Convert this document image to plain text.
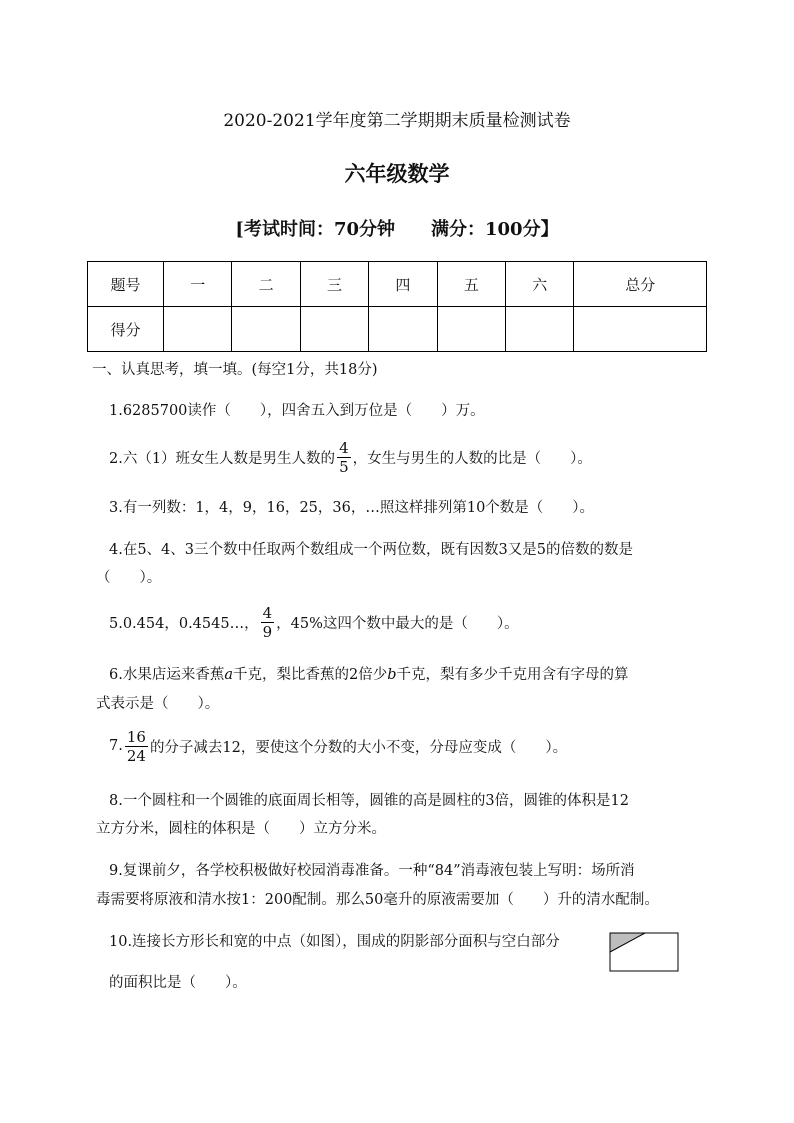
2020-2021学年度第二学期期末质量检测试卷
六年级数学
[考试时间：70分钟 满分：100分】
题号	一	二	三	四	五	六	总分
得分							
一、认真思考，填一填。(每空1分，共18分)
1.6285700读作（　　），四舍五入到万位是（　　）万。
2.六（1）班女生人数是男生人数的 $\frac{4}{5}$ ，女生与男生的人数的比是（　　）。
3.有一列数：1，4，9，16，25，36，…照这样排列第10个数是（　　）。
4.在5、4、3三个数中任取两个数组成一个两位数，既有因数3又是5的倍数的数是
（　　）。
5.0.454，0.4545…， $\frac{4}{9}$ ，45%这四个数中最大的是（　　）。
6.水果店运来香蕉a千克，梨比香蕉的2倍少b千克，梨有多少千克用含有字母的算
式表示是（　　）。
7. $\frac{16}{24}$ 的分子减去12，要使这个分数的大小不变，分母应变成（　　）。
8.一个圆柱和一个圆锥的底面周长相等，圆锥的高是圆柱的3倍，圆锥的体积是12
立方分米，圆柱的体积是（　　）立方分米。
9.复课前夕，各学校积极做好校园消毒准备。一种“84”消毒液包装上写明：场所消
毒需要将原液和清水按1：200配制。那么50毫升的原液需要加（　　）升的清水配制。
10.连接长方形长和宽的中点（如图），围成的阴影部分面积与空白部分
的面积比是（　　）。
